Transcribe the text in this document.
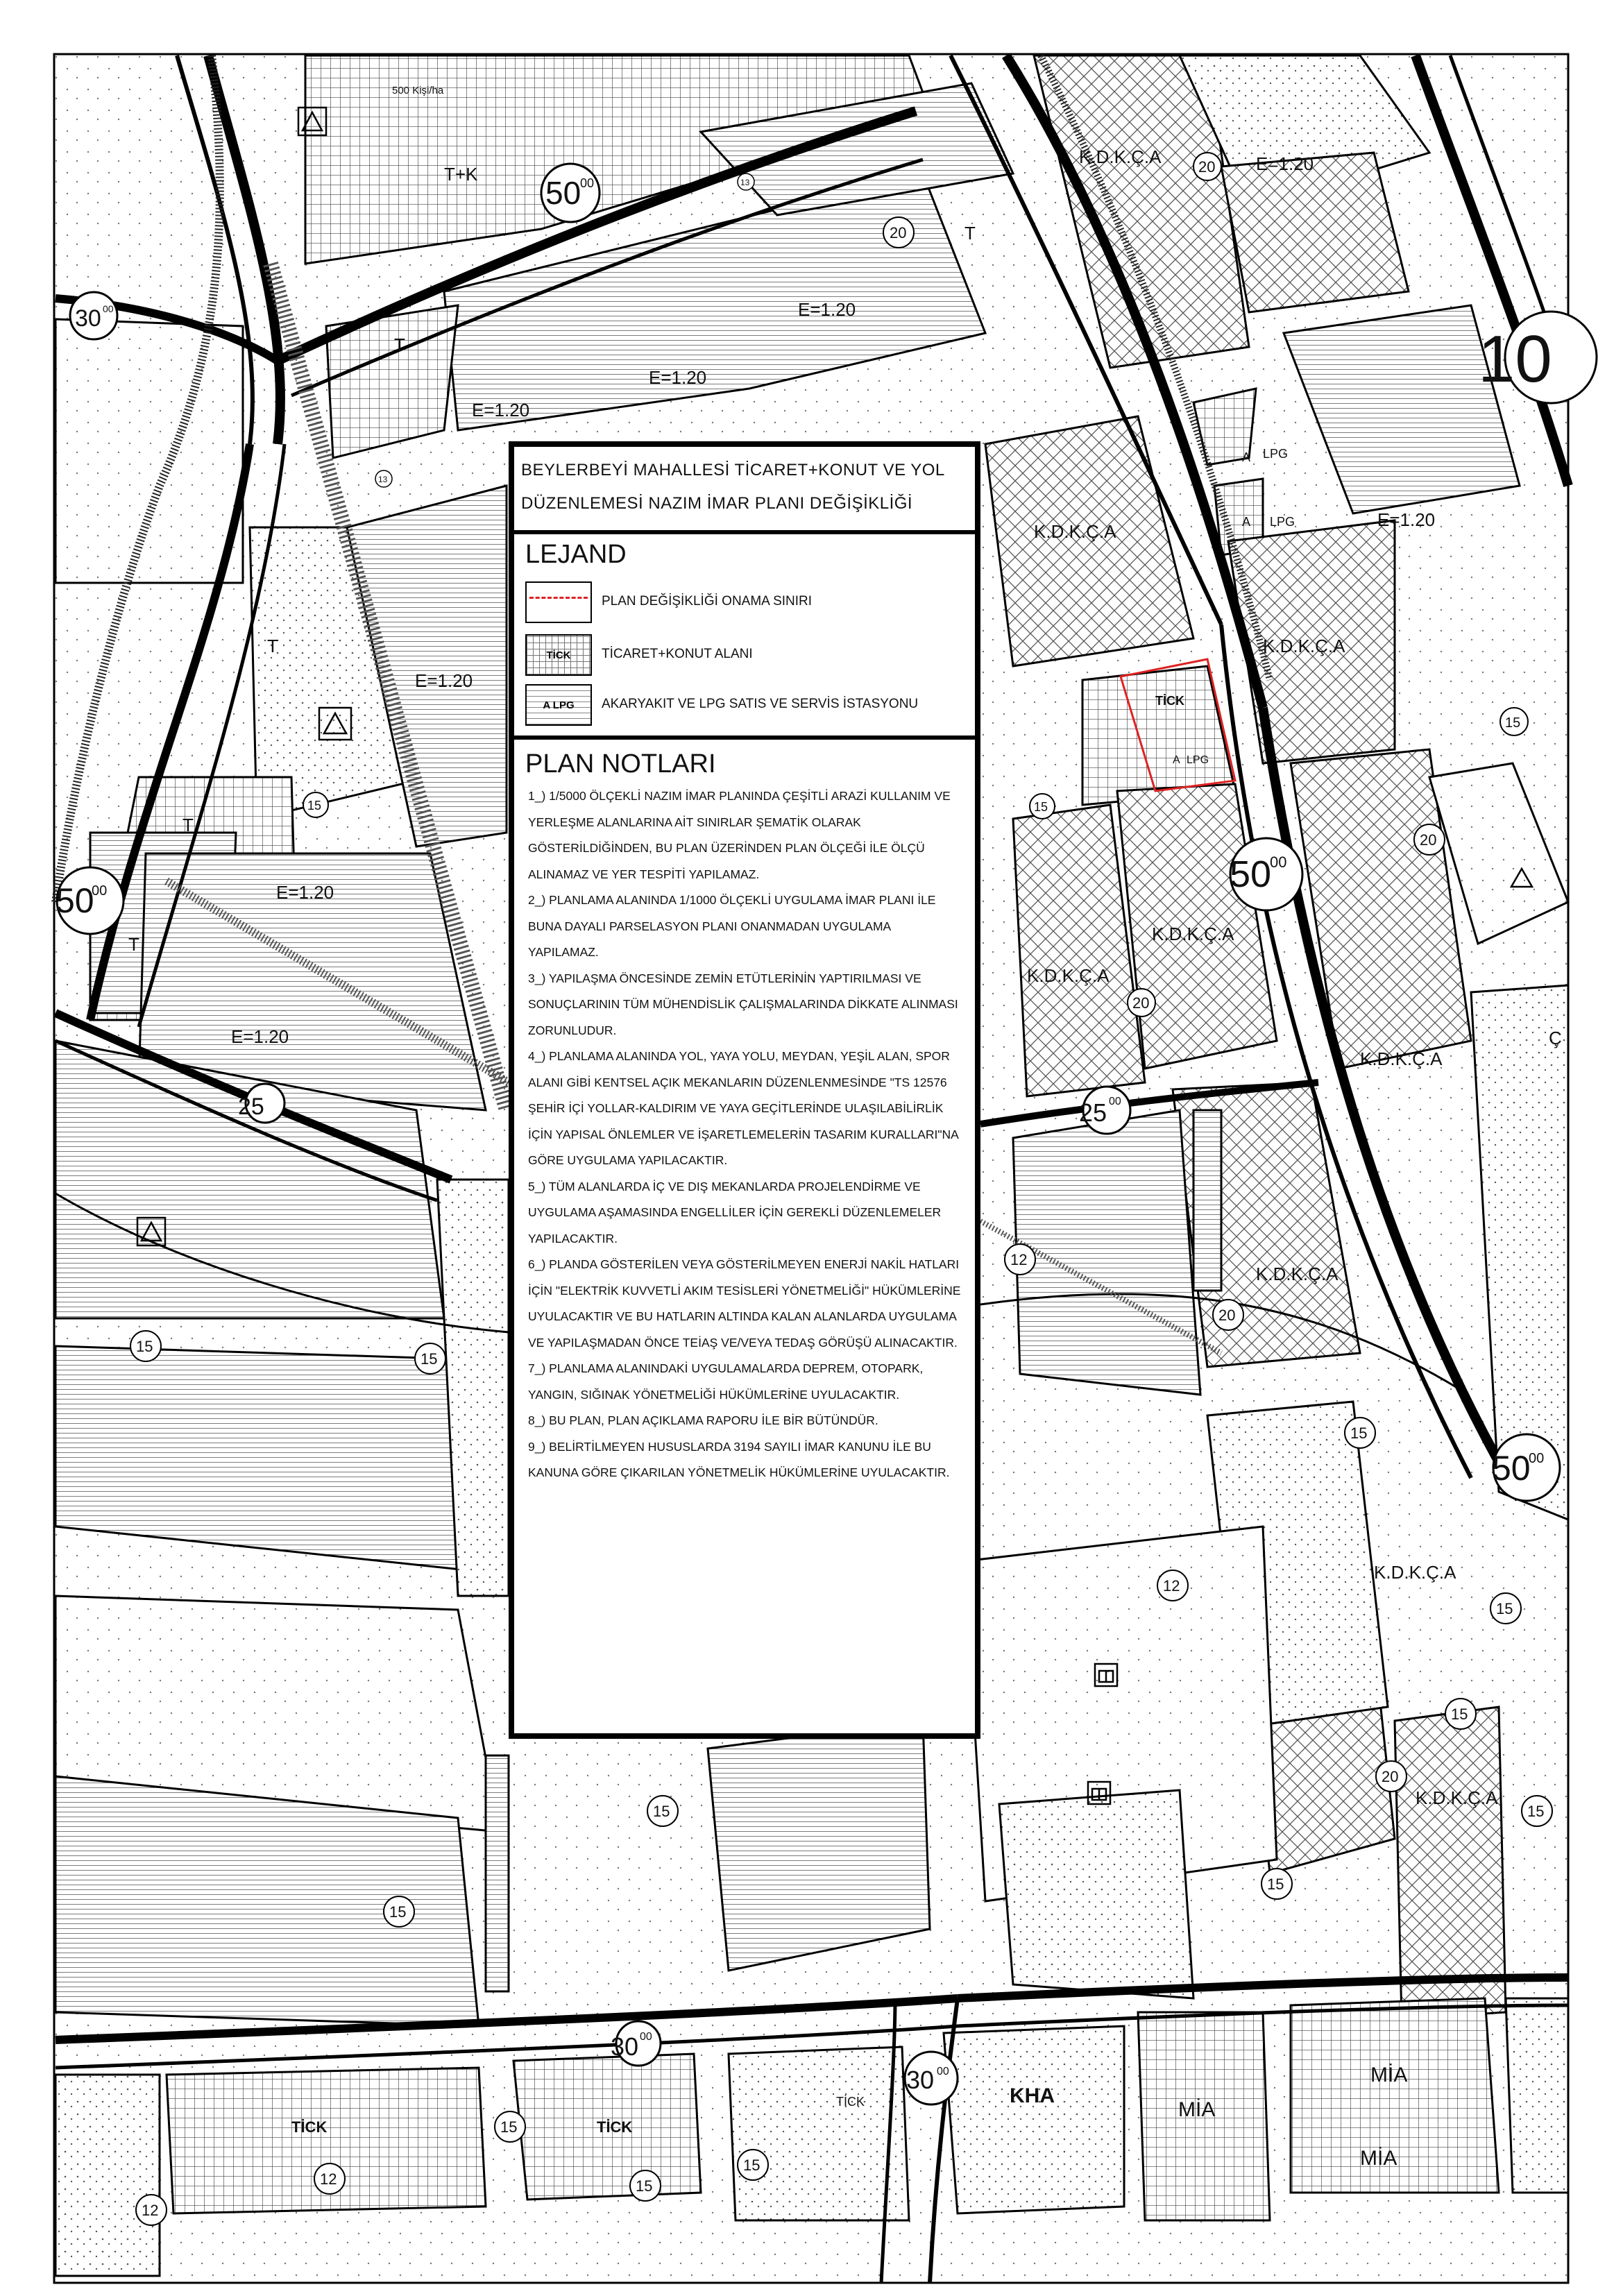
500 Kişi/ha
T+K
T
K.D.K.Ç.A
K.D.K.Ç.A
K.D.K.Ç.A
K.D.K.Ç.A
K.D.K.Ç.A
K.D.K.Ç.A
K.D.K.Ç.A
K.D.K.Ç.A
K.D.K.Ç.A
E=1.20
E=1.20
E=1.20
E=1.20
E=1.20
E=1.20
E=1.20
E=1.20
T
T
T
T
A LPG
A LPG
TİCK
A LPG
TİCK	TİCK
TİCK	KHA
MİA
MİA
MİA
Ç
50
00
30 00
50
00
25	25 00
50
00
50
00
10
30 00
30 00
20
20
20
20
20
20
15	15
15
15
15
12
15
12
15
15
15
15
15
15
15
15
15
12
12
13
13	BEYLERBEYİ MAHALLESİ TİCARET+KONUT VE YOL
DÜZENLEMESİ NAZIM İMAR PLANI DEĞİŞİKLİĞİ
LEJAND
PLAN DEĞİŞİKLİĞİ ONAMA SINIRI
TİCK	TİCARET+KONUT ALANI
A LPG	AKARYAKIT VE LPG SATIS VE SERVİS İSTASYONU
PLAN NOTLARI

1_) 1/5000 ÖLÇEKLİ NAZIM İMAR PLANINDA ÇEŞİTLİ ARAZİ KULLANIM VE YERLEŞME ALANLARINA AİT SINIRLAR ŞEMATİK OLARAK GÖSTERİLDİĞİNDEN, BU PLAN ÜZERİNDEN PLAN ÖLÇEĞİ İLE ÖLÇÜ ALINAMAZ VE YER TESPİTİ YAPILAMAZ.

2_) PLANLAMA ALANINDA 1/1000 ÖLÇEKLİ UYGULAMA İMAR PLANI İLE BUNA DAYALI PARSELASYON PLANI ONANMADAN UYGULAMA YAPILAMAZ.

3_) YAPILAŞMA ÖNCESİNDE ZEMİN ETÜTLERİNİN YAPTIRILMASI VE SONUÇLARININ TÜM MÜHENDİSLİK ÇALIŞMALARINDA DİKKATE ALINMASI ZORUNLUDUR.

4_) PLANLAMA ALANINDA YOL, YAYA YOLU, MEYDAN, YEŞİL ALAN, SPOR ALANI GİBİ KENTSEL AÇIK MEKANLARIN DÜZENLENMESİNDE "TS 12576 ŞEHİR İÇİ YOLLAR-KALDIRIM VE YAYA GEÇİTLERİNDE ULAŞILABİLİRLİK İÇİN YAPISAL ÖNLEMLER VE İŞARETLEMELERİN TASARIM KURALLARI"NA GÖRE UYGULAMA YAPILACAKTIR.

5_) TÜM ALANLARDA İÇ VE DIŞ MEKANLARDA PROJELENDİRME VE UYGULAMA AŞAMASINDA ENGELLİLER İÇİN GEREKLİ DÜZENLEMELER YAPILACAKTIR.

6_) PLANDA GÖSTERİLEN VEYA GÖSTERİLMEYEN ENERJİ NAKİL HATLARI İÇİN "ELEKTRİK KUVVETLİ AKIM TESİSLERİ YÖNETMELİĞİ" HÜKÜMLERİNE UYULACAKTIR VE BU HATLARIN ALTINDA KALAN ALANLARDA UYGULAMA VE YAPILAŞMADAN ÖNCE TEİAŞ VE/VEYA TEDAŞ GÖRÜŞÜ ALINACAKTIR.

7_) PLANLAMA ALANINDAKİ UYGULAMALARDA DEPREM, OTOPARK, YANGIN, SIĞINAK YÖNETMELİĞİ HÜKÜMLERİNE UYULACAKTIR.

8_) BU PLAN, PLAN AÇIKLAMA RAPORU İLE BİR BÜTÜNDÜR.

9_) BELİRTİLMEYEN HUSUSLARDA 3194 SAYILI İMAR KANUNU İLE BU KANUNA GÖRE ÇIKARILAN YÖNETMELİK HÜKÜMLERİNE UYULACAKTIR.
